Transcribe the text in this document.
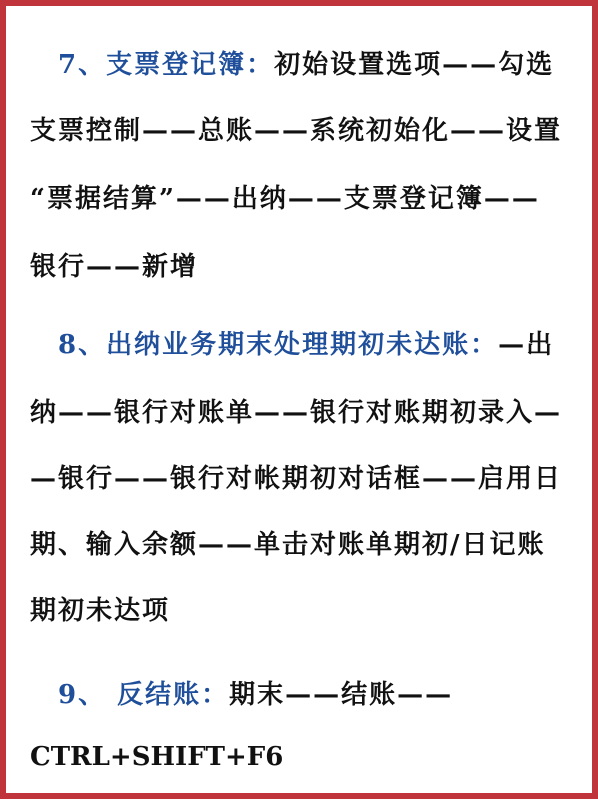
7、支票登记簿：初始设置选项——勾选

支票控制——总账——系统初始化——设置

“票据结算”——出纳——支票登记簿——

银行——新增

8、出纳业务期末处理期初未达账：—出

纳——银行对账单——银行对账期初录入—

—银行——银行对帐期初对话框——启用日

期、输入余额——单击对账单期初/日记账

期初未达项

9、 反结账：期末——结账——

CTRL+SHIFT+F6
